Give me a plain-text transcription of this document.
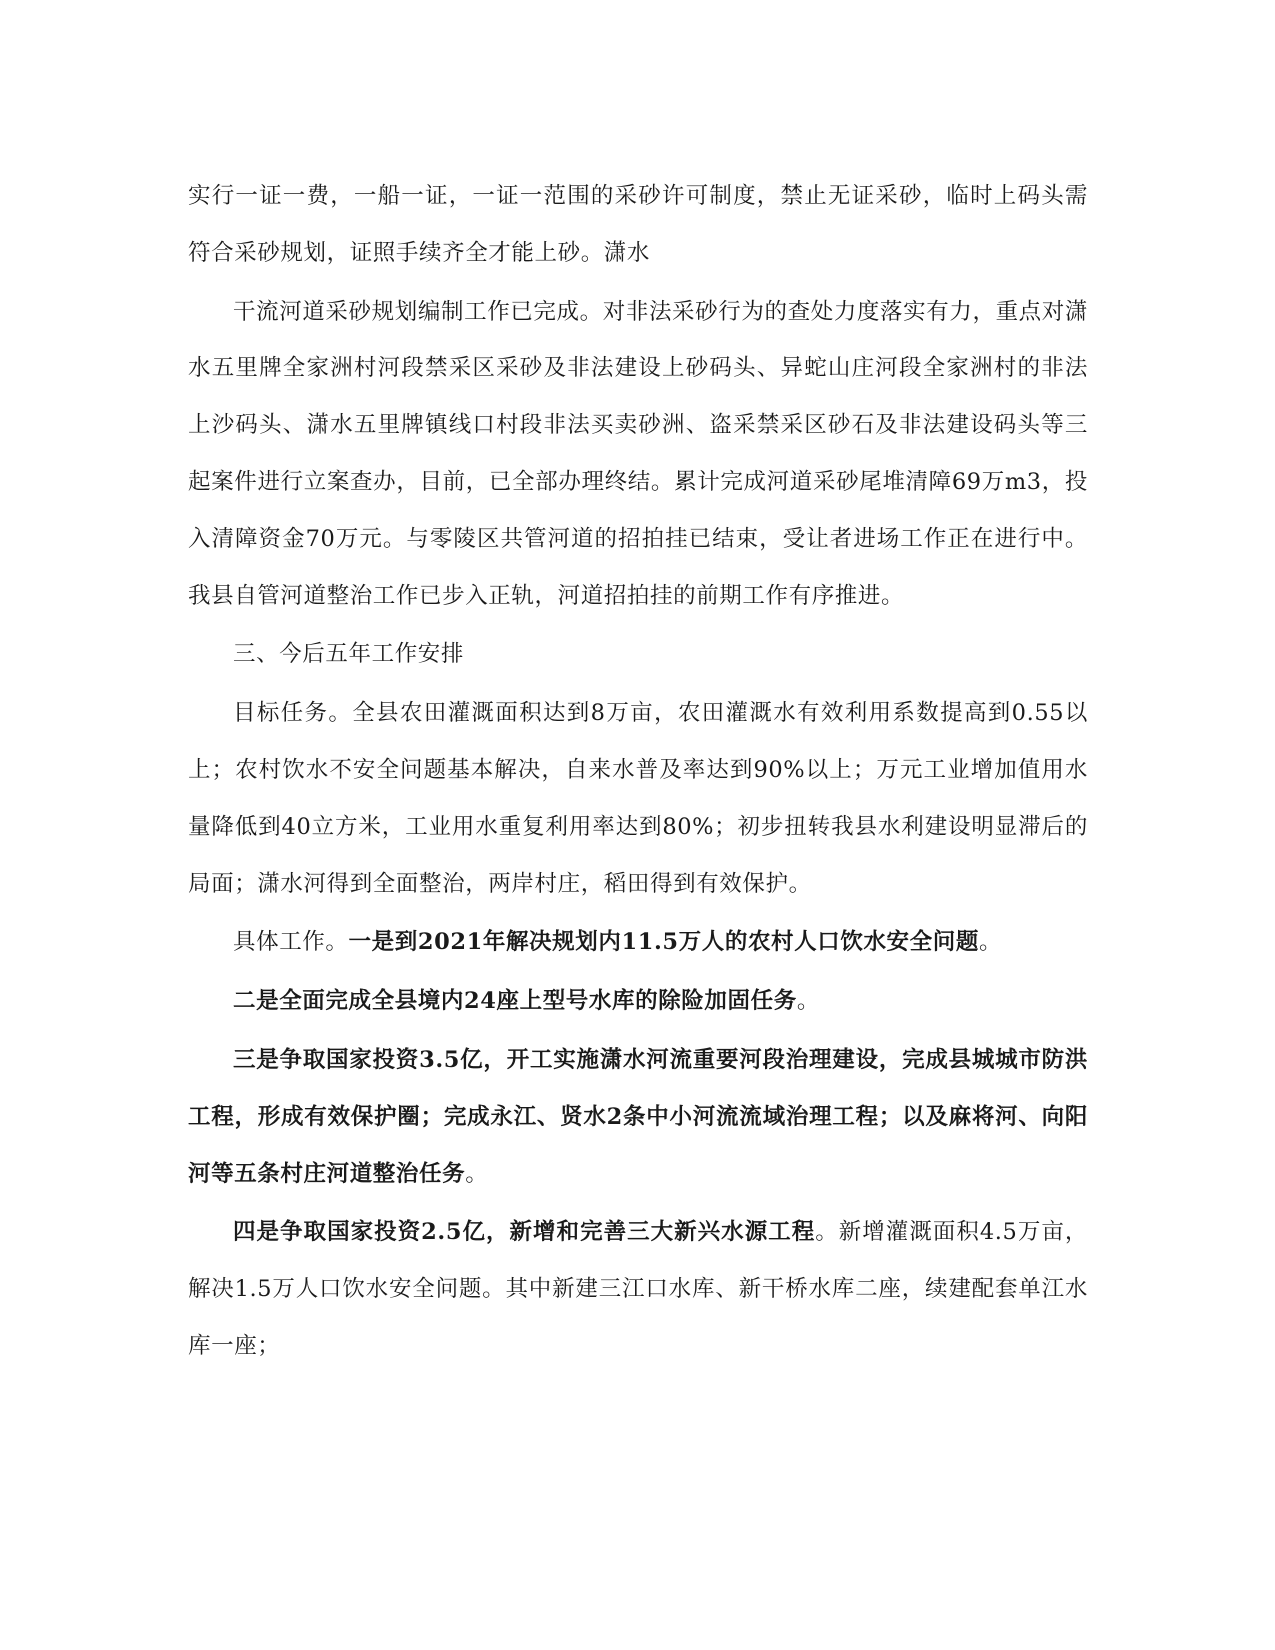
实行一证一费，一船一证，一证一范围的采砂许可制度，禁止无证采砂，临时上码头需符合采砂规划，证照手续齐全才能上砂。潇水

干流河道采砂规划编制工作已完成。对非法采砂行为的查处力度落实有力，重点对潇水五里牌全家洲村河段禁采区采砂及非法建设上砂码头、异蛇山庄河段全家洲村的非法上沙码头、潇水五里牌镇线口村段非法买卖砂洲、盗采禁采区砂石及非法建设码头等三起案件进行立案查办，目前，已全部办理终结。累计完成河道采砂尾堆清障69万m3，投入清障资金70万元。与零陵区共管河道的招拍挂已结束，受让者进场工作正在进行中。我县自管河道整治工作已步入正轨，河道招拍挂的前期工作有序推进。

三、今后五年工作安排

目标任务。全县农田灌溉面积达到8万亩，农田灌溉水有效利用系数提高到0.55以上；农村饮水不安全问题基本解决，自来水普及率达到90%以上；万元工业增加值用水量降低到40立方米，工业用水重复利用率达到80%；初步扭转我县水利建设明显滞后的局面；潇水河得到全面整治，两岸村庄，稻田得到有效保护。

具体工作。一是到2021年解决规划内11.5万人的农村人口饮水安全问题。

二是全面完成全县境内24座上型号水库的除险加固任务。

三是争取国家投资3.5亿，开工实施潇水河流重要河段治理建设，完成县城城市防洪工程，形成有效保护圈；完成永江、贤水2条中小河流流域治理工程；以及麻将河、向阳河等五条村庄河道整治任务。

四是争取国家投资2.5亿，新增和完善三大新兴水源工程。新增灌溉面积4.5万亩，解决1.5万人口饮水安全问题。其中新建三江口水库、新干桥水库二座，续建配套单江水库一座；
